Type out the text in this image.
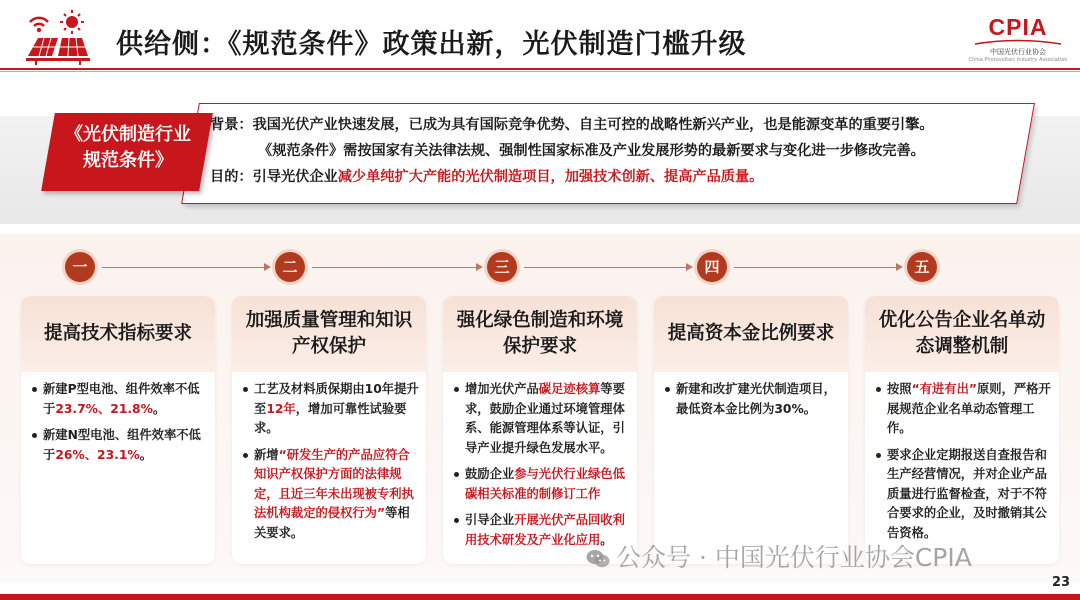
供给侧：《规范条件》政策出新，光伏制造门槛升级
CPIA
中国光伏行业协会
China Photovoltaic Industry Association
《光伏制造行业规范条件》
背景：我国光伏产业快速发展，已成为具有国际竞争优势、自主可控的战略性新兴产业，也是能源变革的重要引擎。
《规范条件》需按国家有关法律法规、强制性国家标准及产业发展形势的最新要求与变化进一步修改完善。
目的：引导光伏企业减少单纯扩大产能的光伏制造项目，加强技术创新、提高产品质量。
一
提高技术指标要求
新建P型电池、组件效率不低于23.7%、21.8%。
新建N型电池、组件效率不低于26%、23.1%。
二
加强质量管理和知识产权保护
工艺及材料质保期由10年提升至12年，增加可靠性试验要求。
新增“研发生产的产品应符合知识产权保护方面的法律规定，且近三年未出现被专利执法机构裁定的侵权行为”等相关要求。
三
强化绿色制造和环境保护要求
增加光伏产品碳足迹核算等要求，鼓励企业通过环境管理体系、能源管理体系等认证，引导产业提升绿色发展水平。
鼓励企业参与光伏行业绿色低碳相关标准的制修订工作
引导企业开展光伏产品回收利用技术研发及产业化应用。
四
提高资本金比例要求
新建和改扩建光伏制造项目，最低资本金比例为30%。
五
优化公告企业名单动态调整机制
按照“有进有出”原则，严格开展规范企业名单动态管理工作。
要求企业定期报送自查报告和生产经营情况，并对企业产品质量进行监督检查，对于不符合要求的企业，及时撤销其公告资格。
公众号 · 中国光伏行业协会CPIA
23
